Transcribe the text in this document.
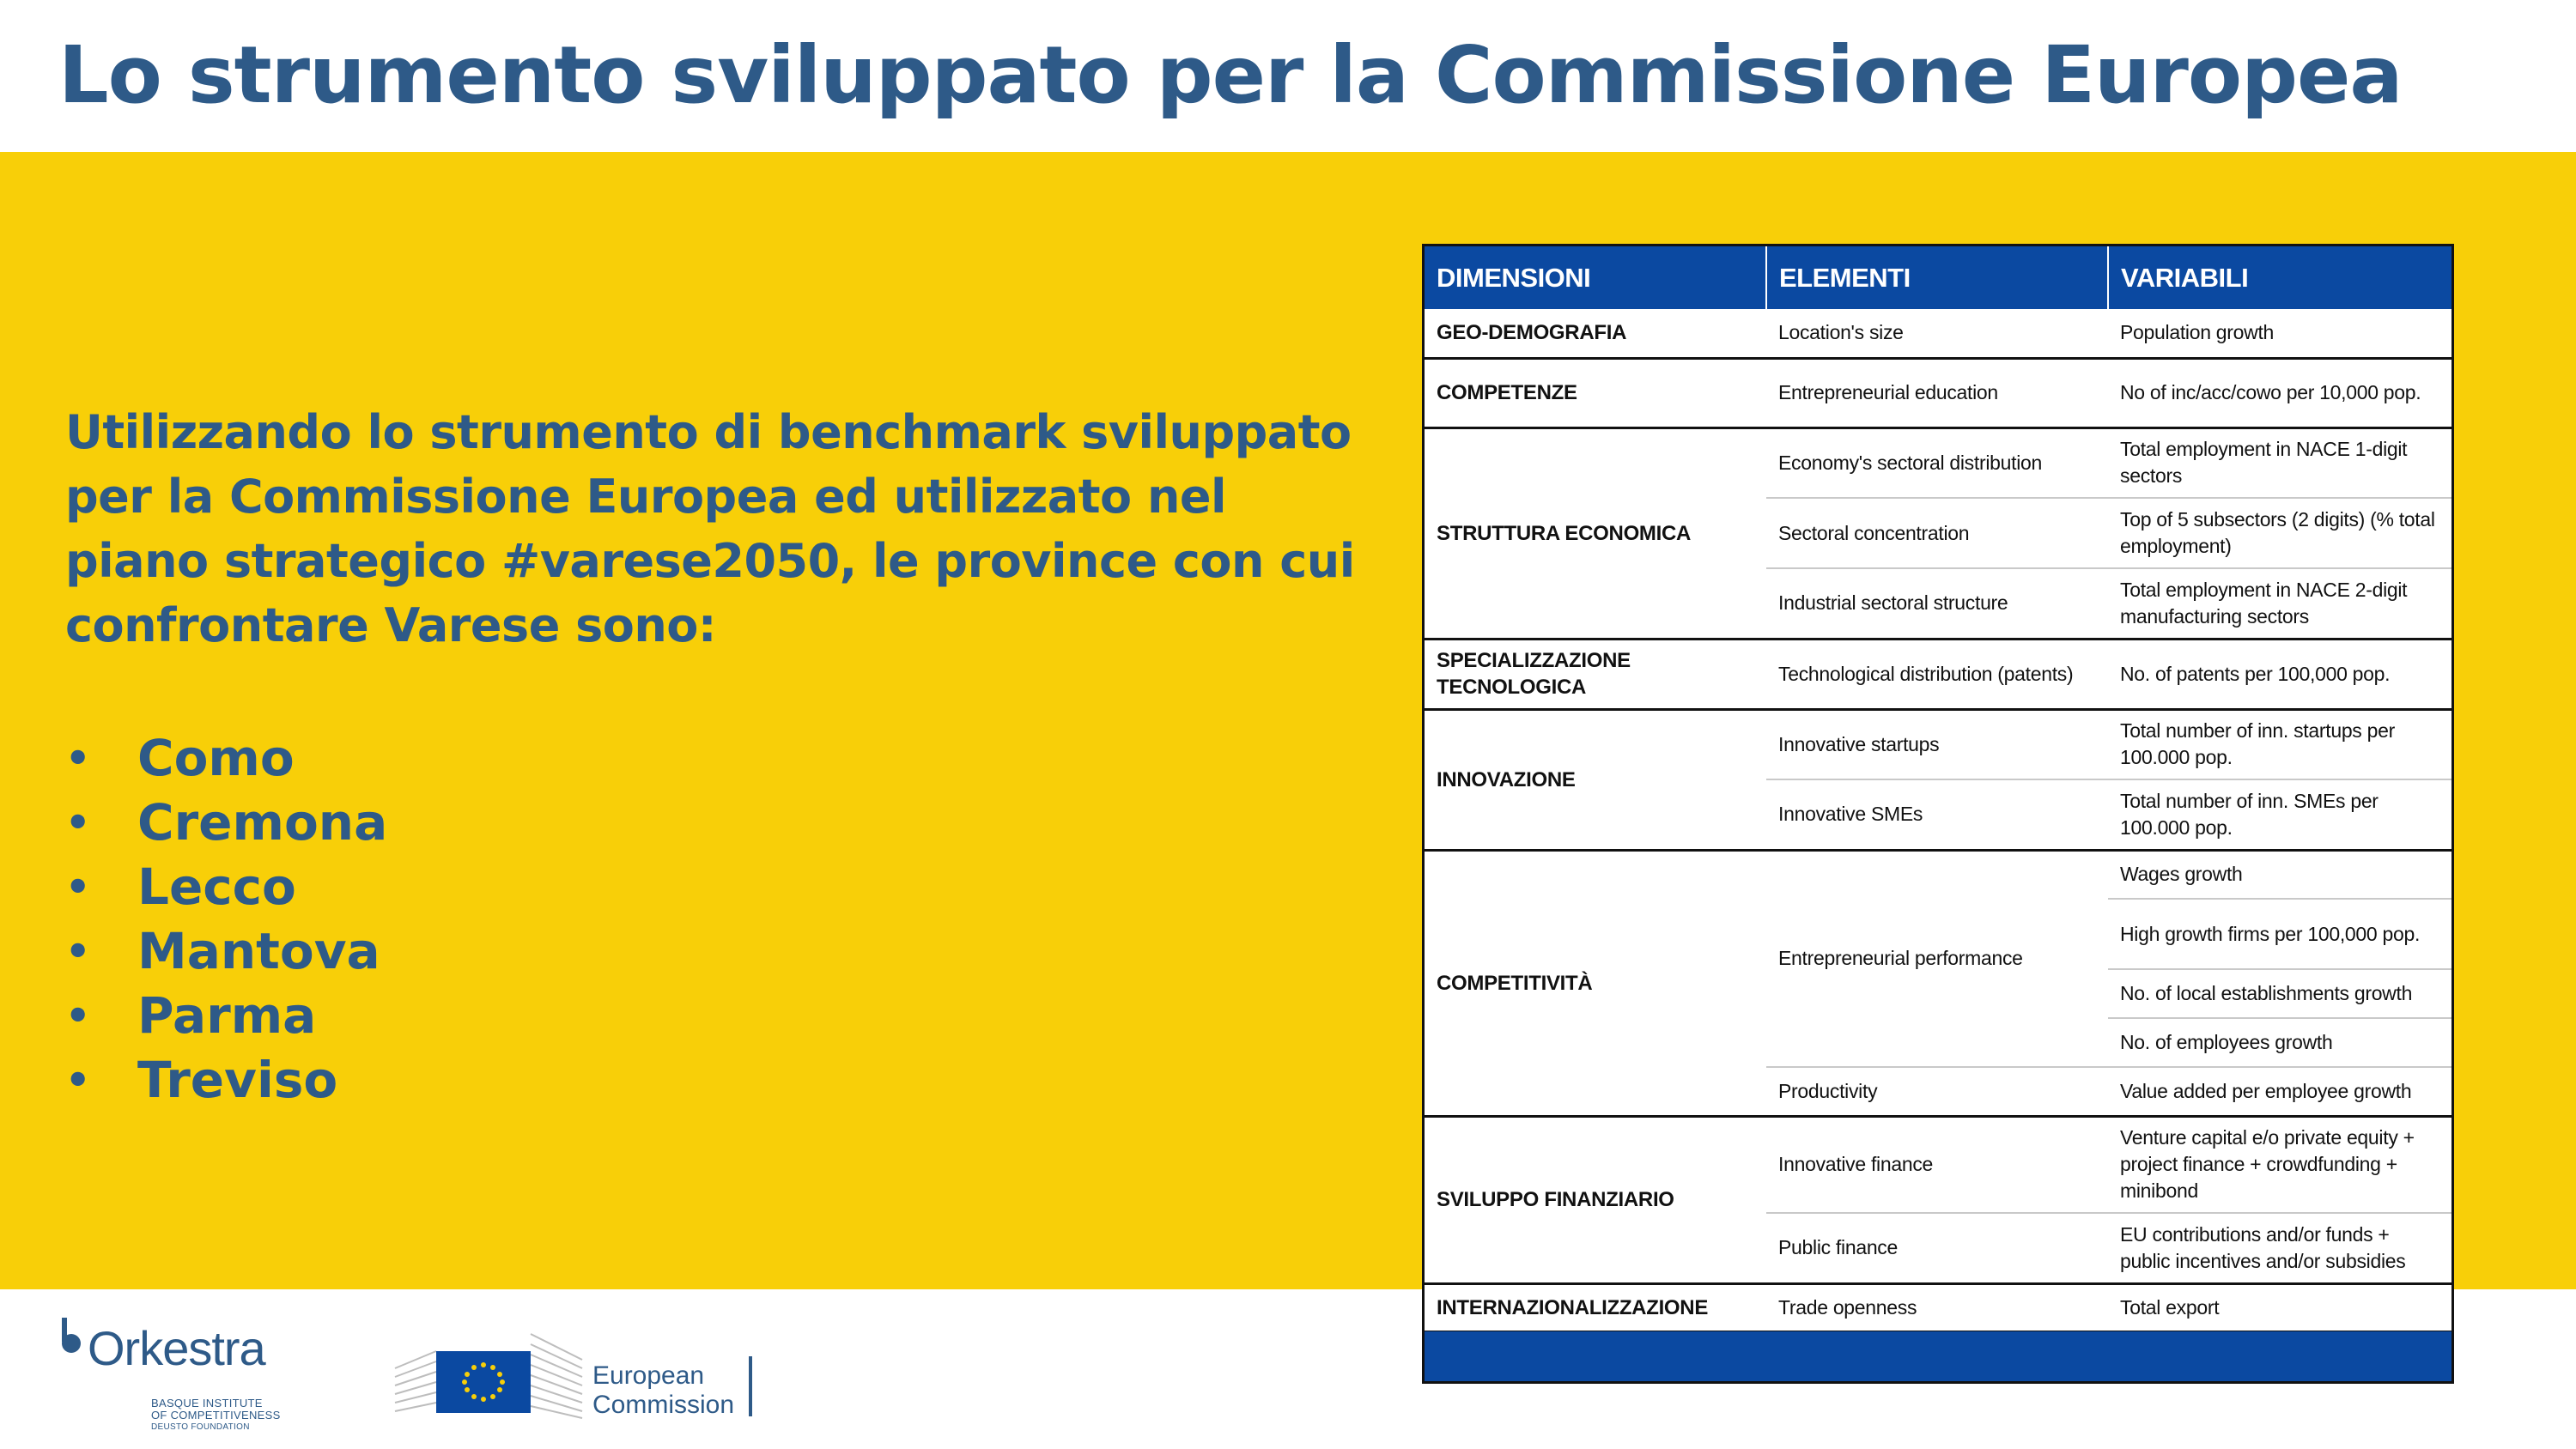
Lo strumento sviluppato per la Commissione Europea

Utilizzando lo strumento di benchmark sviluppato per la Commissione Europea ed utilizzato nel piano strategico #varese2050, le province con cui confrontare Varese sono:

• Como
• Cremona
• Lecco
• Mantova
• Parma
• Treviso
DIMENSIONI	ELEMENTI	VARIABILI
GEO-DEMOGRAFIA	Location's size	Population growth
COMPETENZE	Entrepreneurial education	No of inc/acc/cowo per 10,000 pop.
STRUTTURA ECONOMICA	Economy's sectoral distribution	Total employment in NACE 1-digit sectors
	Sectoral concentration	Top of 5 subsectors (2 digits) (% total employment)
	Industrial sectoral structure	Total employment in NACE 2-digit manufacturing sectors
SPECIALIZZAZIONE TECNOLOGICA	Technological distribution (patents)	No. of patents per 100,000 pop.
INNOVAZIONE	Innovative startups	Total number of inn. startups per 100.000 pop.
	Innovative SMEs	Total number of inn. SMEs per 100.000 pop.
COMPETITIVITÀ	Entrepreneurial performance	Wages growth
		High growth firms per 100,000 pop.
		No. of local establishments growth
		No. of employees growth
	Productivity	Value added per employee growth
SVILUPPO FINANZIARIO	Innovative finance	Venture capital e/o private equity + project finance + crowdfunding + minibond
	Public finance	EU contributions and/or funds + public incentives and/or subsidies
INTERNAZIONALIZZAZIONE	Trade openness	Total export
Orkestra
BASQUE INSTITUTE
OF COMPETITIVENESS
DEUSTO FOUNDATION
European
Commission
